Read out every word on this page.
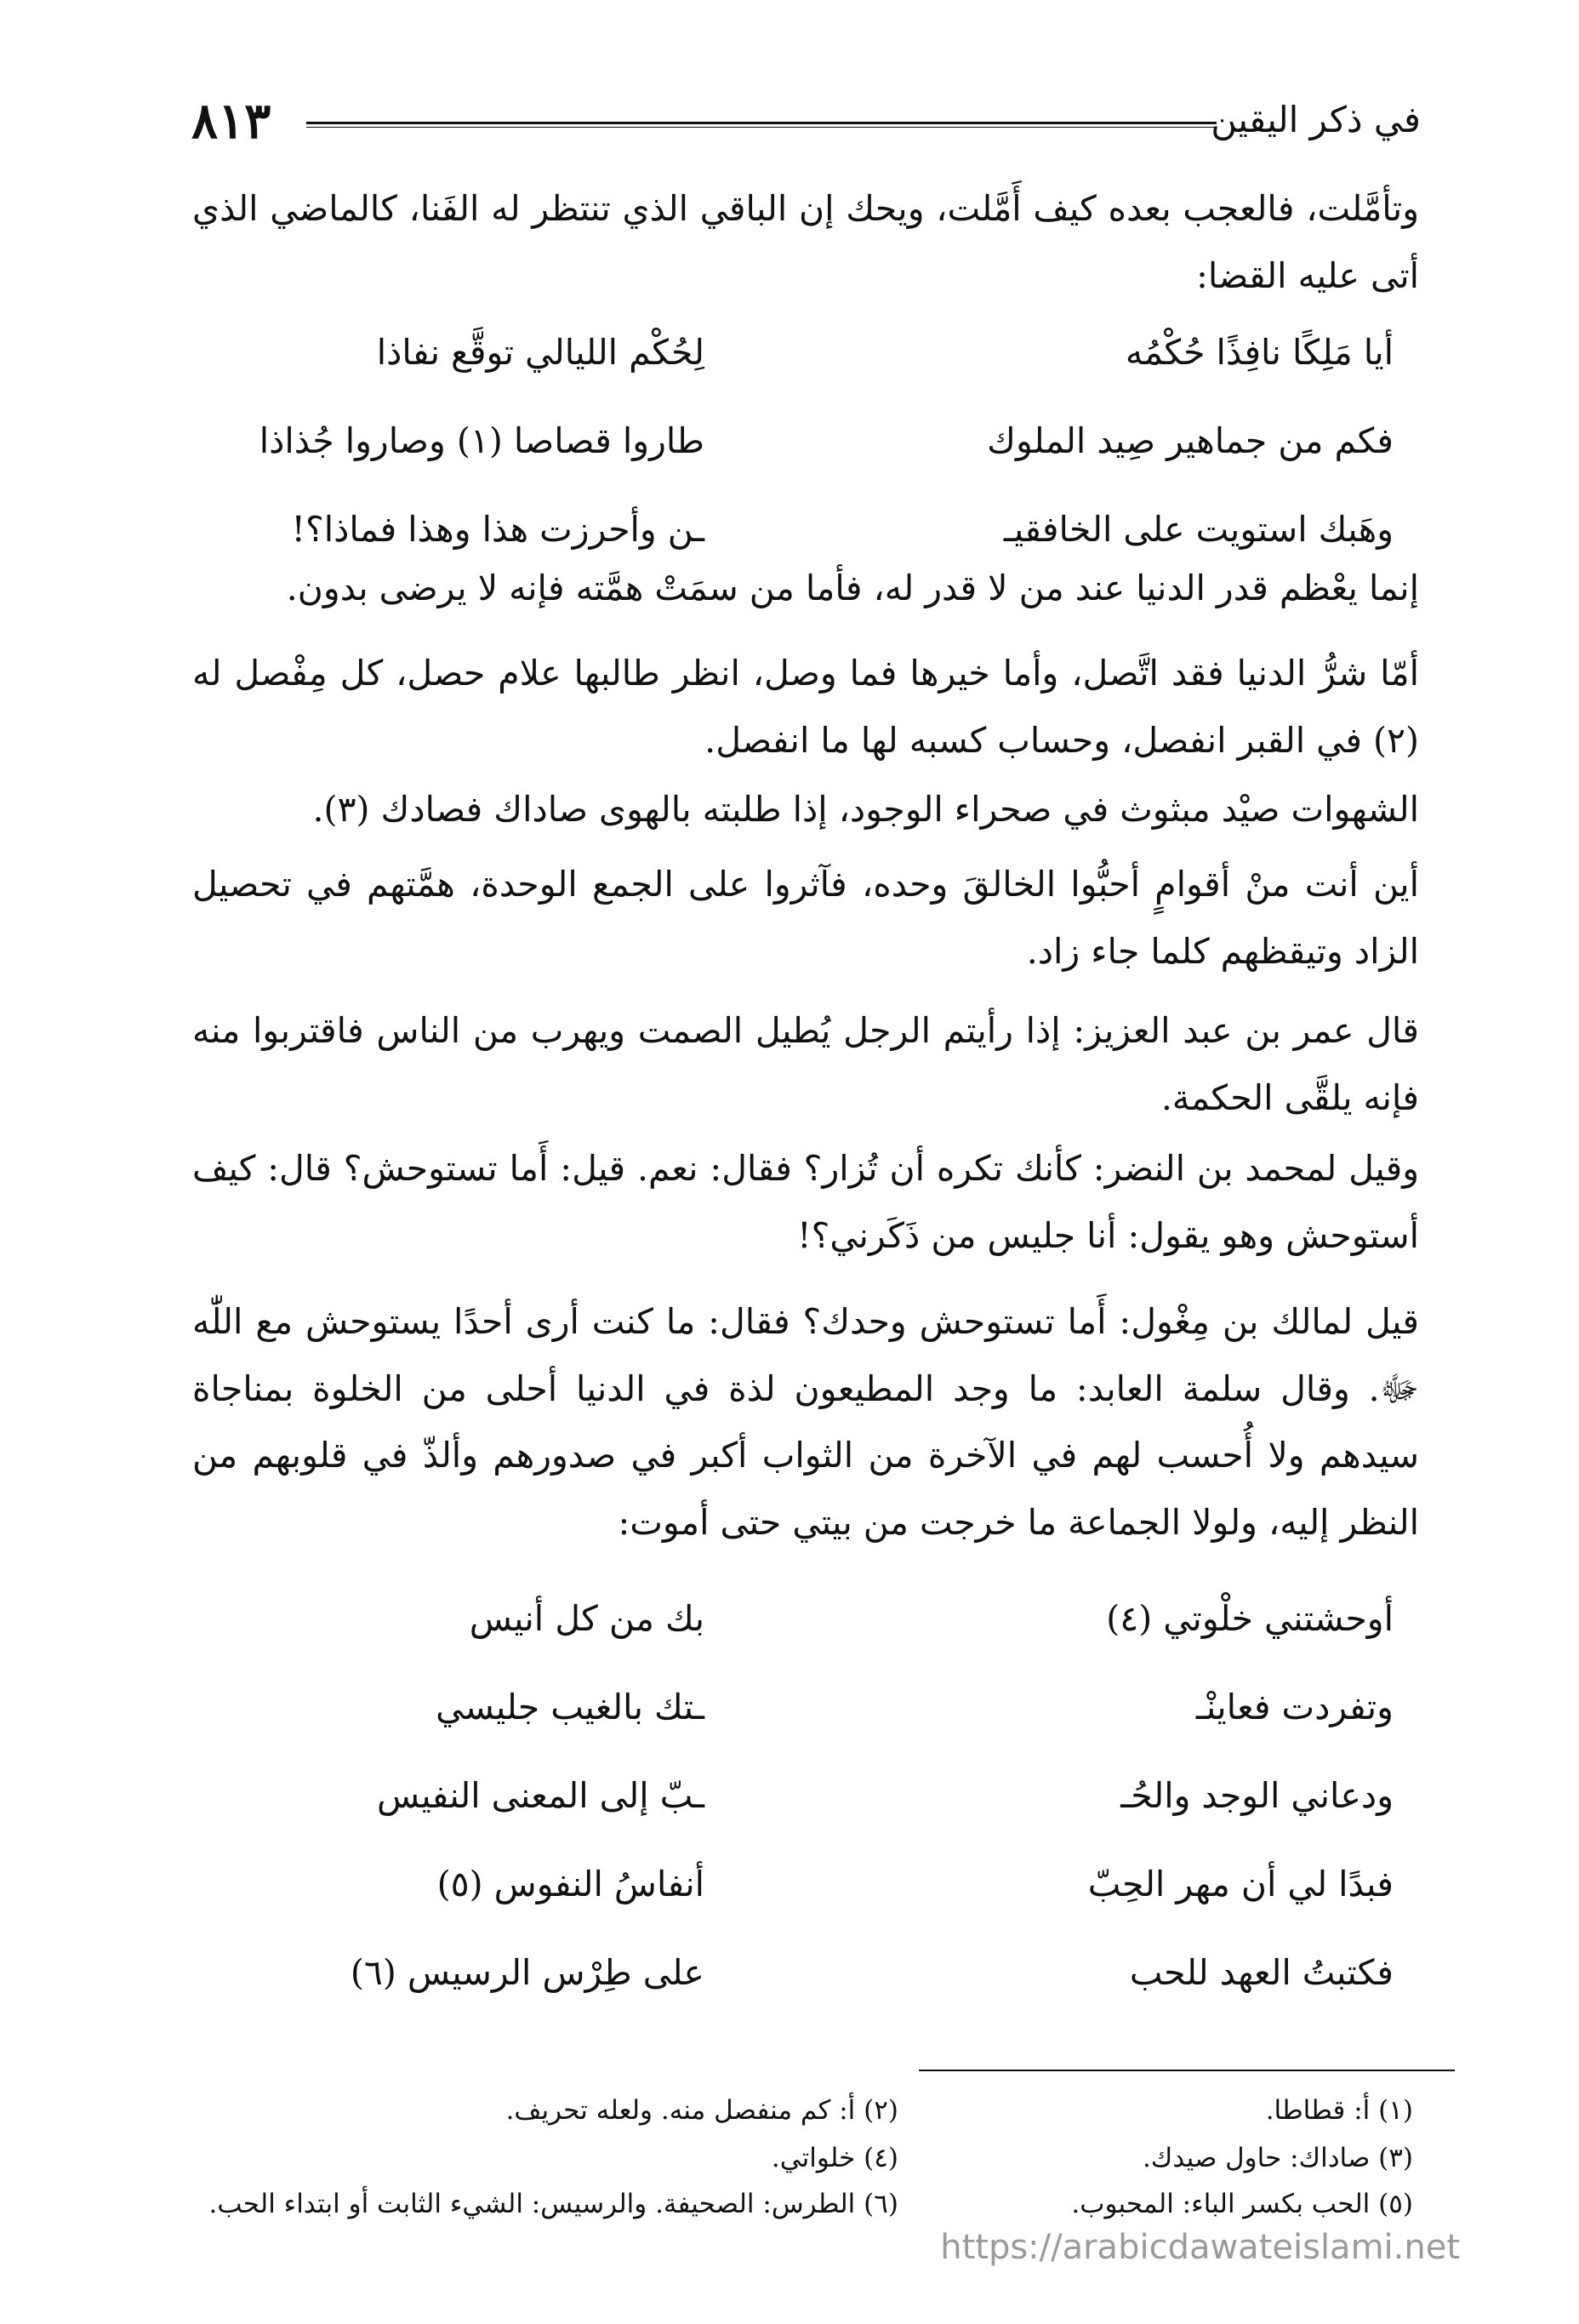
في ذكر اليقين
٨١٣
وتأمَّلت، فالعجب بعده كيف أَمَّلت، ويحك إن الباقي الذي تنتظر له الفَنا، كالماضي الذي أتى عليه القضا:
أيا مَلِكًا نافِذًا حُكْمُه
لِحُكْم الليالي توقَّع نفاذا
فكم من جماهير صِيد الملوك
طاروا قصاصا (١) وصاروا جُذاذا
وهَبك استويت على الخافقيـ
ـن وأحرزت هذا وهذا فماذا؟!
إنما يعْظم قدر الدنيا عند من لا قدر له، فأما من سمَتْ همَّته فإنه لا يرضى بدون.
أمّا شرُّ الدنيا فقد اتَّصل، وأما خيرها فما وصل، انظر طالبها علام حصل، كل مِفْصل له (٢) في القبر انفصل، وحساب كسبه لها ما انفصل.
الشهوات صيْد مبثوث في صحراء الوجود، إذا طلبته بالهوى صاداك فصادك (٣).
أين أنت منْ أقوامٍ أحبُّوا الخالقَ وحده، فآثروا على الجمع الوحدة، همَّتهم في تحصيل الزاد وتيقظهم كلما جاء زاد.
قال عمر بن عبد العزيز: إذا رأيتم الرجل يُطيل الصمت ويهرب من الناس فاقتربوا منه فإنه يلقَّى الحكمة.
وقيل لمحمد بن النضر: كأنك تكره أن تُزار؟ فقال: نعم. قيل: أَما تستوحش؟ قال: كيف أستوحش وهو يقول: أنا جليس من ذَكَرني؟!
قيل لمالك بن مِغْول: أَما تستوحش وحدك؟ فقال: ما كنت أرى أحدًا يستوحش مع اللّٰه ﷻ. وقال سلمة العابد: ما وجد المطيعون لذة في الدنيا أحلى من الخلوة بمناجاة سيدهم ولا أُحسب لهم في الآخرة من الثواب أكبر في صدورهم وألذّ في قلوبهم من النظر إليه، ولولا الجماعة ما خرجت من بيتي حتى أموت:
أوحشتني خلْوتي (٤)
بك من كل أنيس
وتفردت فعاينْـ
ـتك بالغيب جليسي
ودعاني الوجد والحُـ
ـبّ إلى المعنى النفيس
فبدًا لي أن مهر الحِبّ
أنفاسُ النفوس (٥)
فكتبتُ العهد للحب
على طِرْس الرسيس (٦)
(١) أ: قطاطا.
(٢) أ: كم منفصل منه. ولعله تحريف.
(٣) صاداك: حاول صيدك.
(٤) خلواتي.
(٥) الحب بكسر الباء: المحبوب.
(٦) الطرس: الصحيفة. والرسيس: الشيء الثابت أو ابتداء الحب.
https://arabicdawateislami.net
